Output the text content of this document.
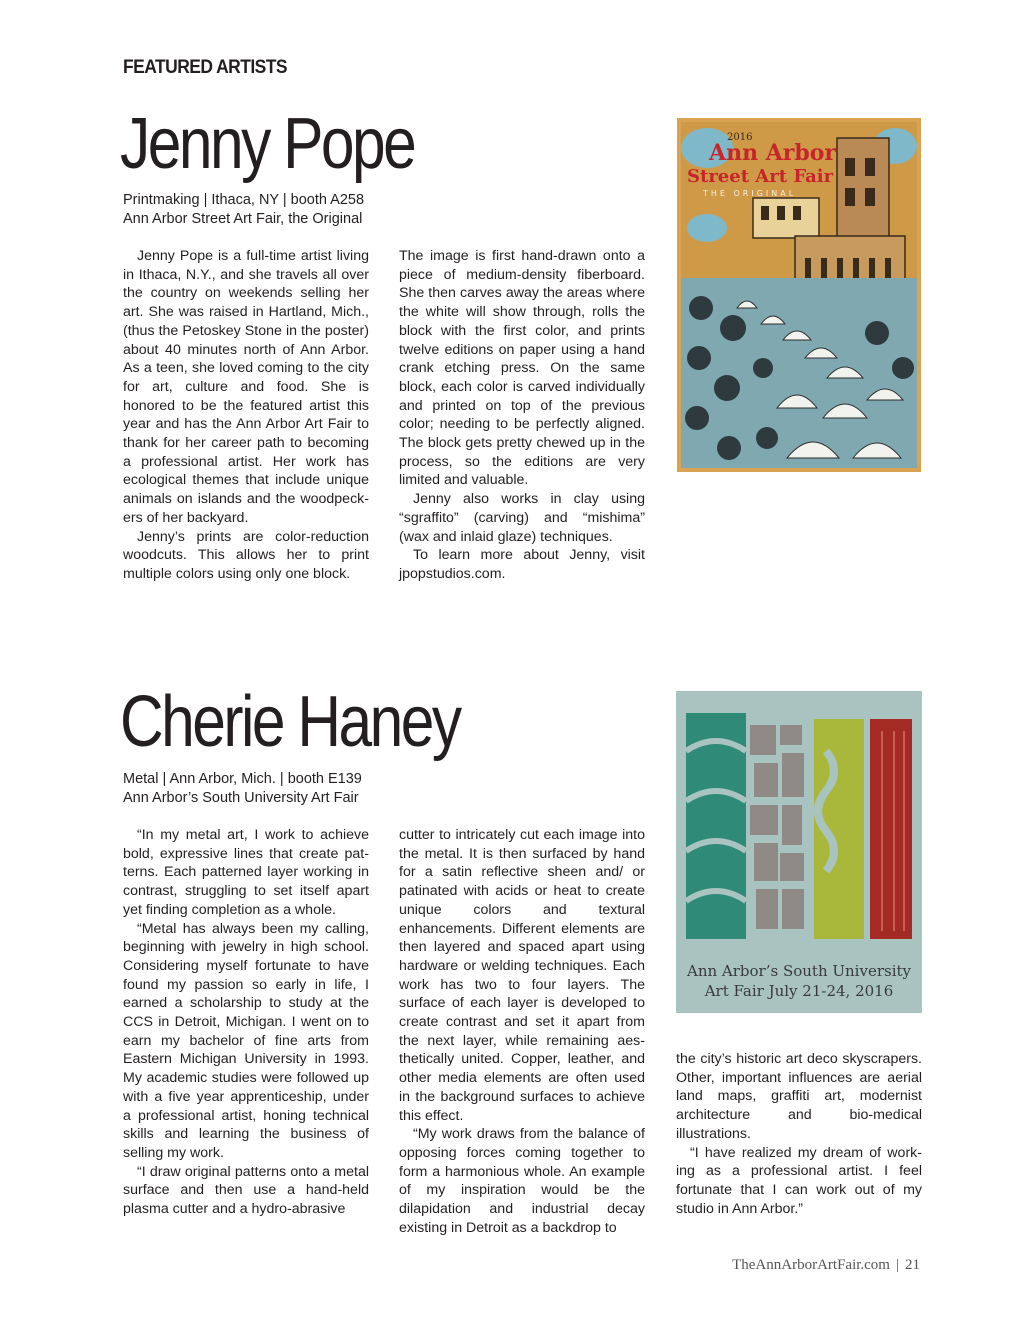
FEATURED ARTISTS
Jenny Pope
Printmaking | Ithaca, NY | booth A258
Ann Arbor Street Art Fair, the Original

Jenny Pope is a full-time artist living in Ithaca, N.Y., and she travels all over the country on weekends selling her art. She was raised in Hartland, Mich., (thus the Petoskey Stone in the poster) about 40 minutes north of Ann Arbor. As a teen, she loved coming to the city for art, culture and food. She is honored to be the featured artist this year and has the Ann Arbor Art Fair to thank for her career path to becoming a professional artist. Her work has ecological themes that include unique animals on islands and the woodpeckers of her backyard.

Jenny’s prints are color-reduction woodcuts. This allows her to print multiple colors using only one block.

The image is first hand-drawn onto a piece of medium-density fiberboard. She then carves away the areas where the white will show through, rolls the block with the first color, and prints twelve editions on paper using a hand crank etching press. On the same block, each color is carved individually and printed on top of the previous color; needing to be perfectly aligned. The block gets pretty chewed up in the process, so the editions are very limited and valuable.

Jenny also works in clay using “sgraffito” (carving) and “mishima” (wax and inlaid glaze) techniques.

To learn more about Jenny, visit jpopstudios.com.

2016
Ann Arbor
Street Art Fair
THE ORIGINAL
Cherie Haney
Metal | Ann Arbor, Mich. | booth E139
Ann Arbor’s South University Art Fair

“In my metal art, I work to achieve bold, expressive lines that create patterns. Each patterned layer working in contrast, struggling to set itself apart yet finding completion as a whole.

“Metal has always been my calling, beginning with jewelry in high school. Considering myself fortunate to have found my passion so early in life, I earned a scholarship to study at the CCS in Detroit, Michigan. I went on to earn my bachelor of fine arts from Eastern Michigan University in 1993. My academic studies were followed up with a five year apprenticeship, under a professional artist, honing technical skills and learning the business of selling my work.

“I draw original patterns onto a metal surface and then use a hand-held plasma cutter and a hydro-abrasive

cutter to intricately cut each image into the metal. It is then surfaced by hand for a satin reflective sheen and/ or patinated with acids or heat to create unique colors and textural enhancements. Different elements are then layered and spaced apart using hardware or welding techniques. Each work has two to four layers. The surface of each layer is developed to create contrast and set it apart from the next layer, while remaining aesthetically united. Copper, leather, and other media elements are often used in the background surfaces to achieve this effect.

“My work draws from the balance of opposing forces coming together to form a harmonious whole. An example of my inspiration would be the dilapidation and industrial decay existing in Detroit as a backdrop to

the city’s historic art deco skyscrapers. Other, important influences are aerial land maps, graffiti art, modernist architecture and bio-medical illustrations.

“I have realized my dream of working as a professional artist. I feel fortunate that I can work out of my studio in Ann Arbor.”

Ann Arbor’s South University
Art Fair July 21-24, 2016
TheAnnArborArtFair.com | 21
